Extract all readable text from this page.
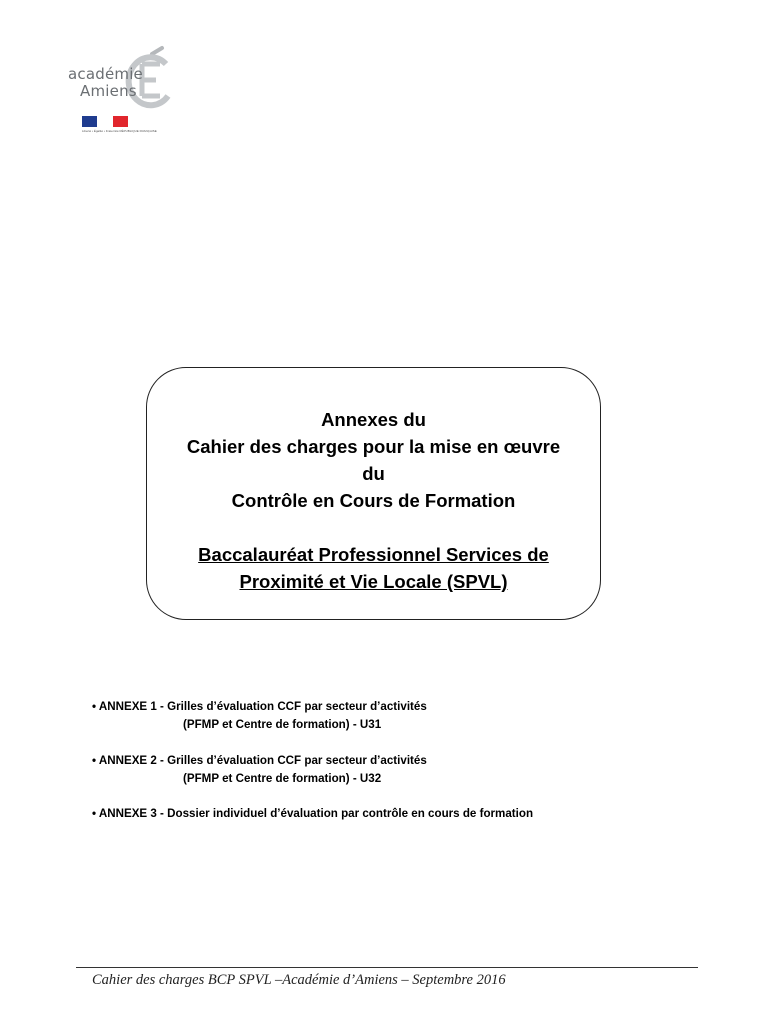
académie
Amiens
Liberté • Égalité • Fraternité RÉPUBLIQUE FRANÇAISE
Annexes du
Cahier des charges pour la mise en œuvre
du
Contrôle en Cours de Formation
Baccalauréat Professionnel Services de
Proximité et Vie Locale (SPVL)
• ANNEXE 1 - Grilles d’évaluation CCF par secteur d’activités
(PFMP et Centre de formation) - U31
• ANNEXE 2 - Grilles d’évaluation CCF par secteur d’activités
(PFMP et Centre de formation) - U32
• ANNEXE 3 - Dossier individuel d’évaluation par contrôle en cours de formation
Cahier des charges BCP SPVL –Académie d’Amiens – Septembre 2016
